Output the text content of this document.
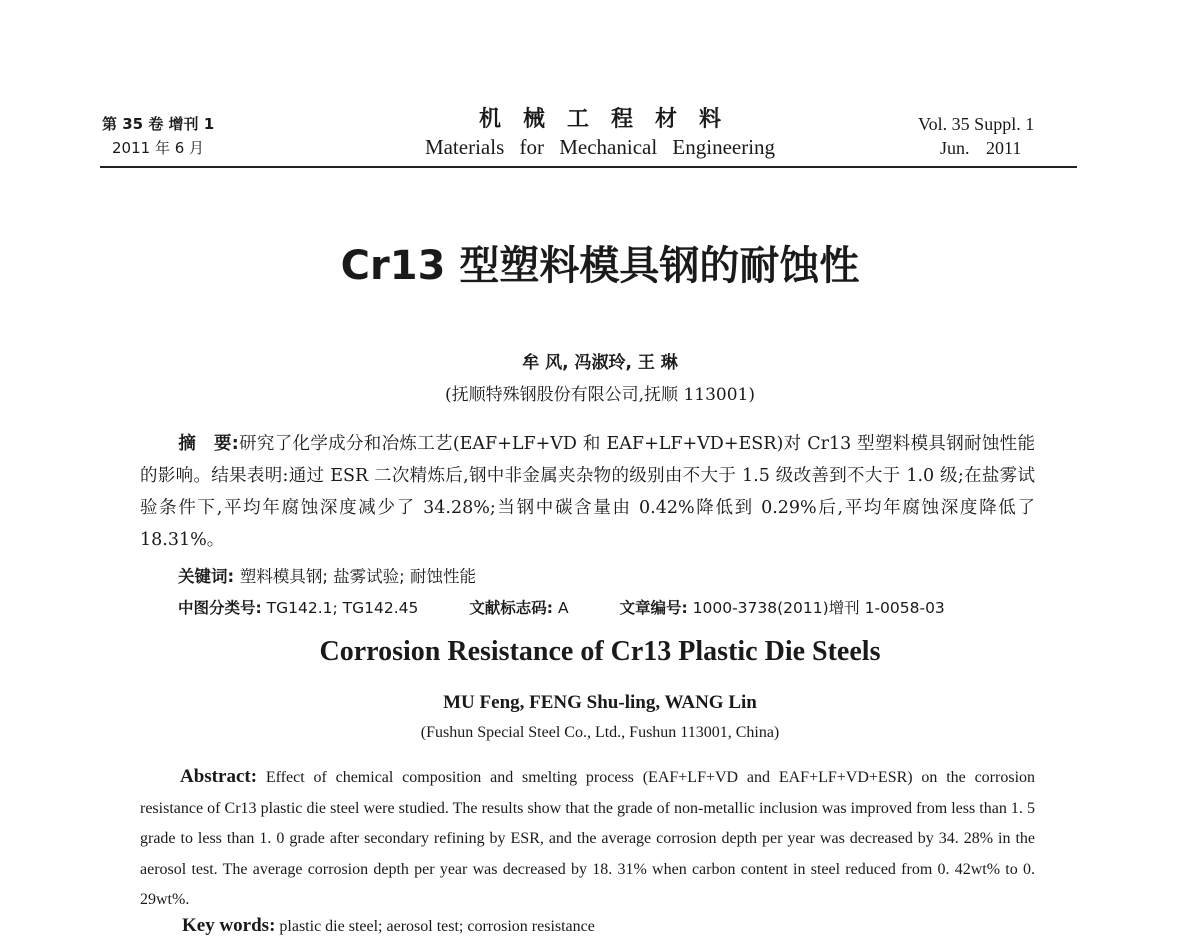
第 35 卷 增刊 1
2011 年 6 月
机械工程材料
Materials for Mechanical Engineering
Vol. 35 Suppl. 1
Jun. 2011
Cr13 型塑料模具钢的耐蚀性
牟 风, 冯淑玲, 王 琳
(抚顺特殊钢股份有限公司,抚顺 113001)
摘　要:研究了化学成分和冶炼工艺(EAF+LF+VD 和 EAF+LF+VD+ESR)对 Cr13 型塑料模具钢耐蚀性能的影响。结果表明:通过 ESR 二次精炼后,钢中非金属夹杂物的级别由不大于 1.5 级改善到不大于 1.0 级;在盐雾试验条件下,平均年腐蚀深度减少了 34.28%;当钢中碳含量由 0.42%降低到 0.29%后,平均年腐蚀深度降低了 18.31%。
关键词: 塑料模具钢; 盐雾试验; 耐蚀性能
中图分类号: TG142.1; TG142.45	文献标志码: A	文章编号: 1000-3738(2011)增刊 1-0058-03
Corrosion Resistance of Cr13 Plastic Die Steels
MU Feng, FENG Shu-ling, WANG Lin
(Fushun Special Steel Co., Ltd., Fushun 113001, China)
Abstract: Effect of chemical composition and smelting process (EAF+LF+VD and EAF+LF+VD+ESR) on the corrosion resistance of Cr13 plastic die steel were studied. The results show that the grade of non-metallic inclusion was improved from less than 1. 5 grade to less than 1. 0 grade after secondary refining by ESR, and the average corrosion depth per year was decreased by 34. 28% in the aerosol test. The average corrosion depth per year was decreased by 18. 31% when carbon content in steel reduced from 0. 42wt% to 0. 29wt%.
Key words: plastic die steel; aerosol test; corrosion resistance
